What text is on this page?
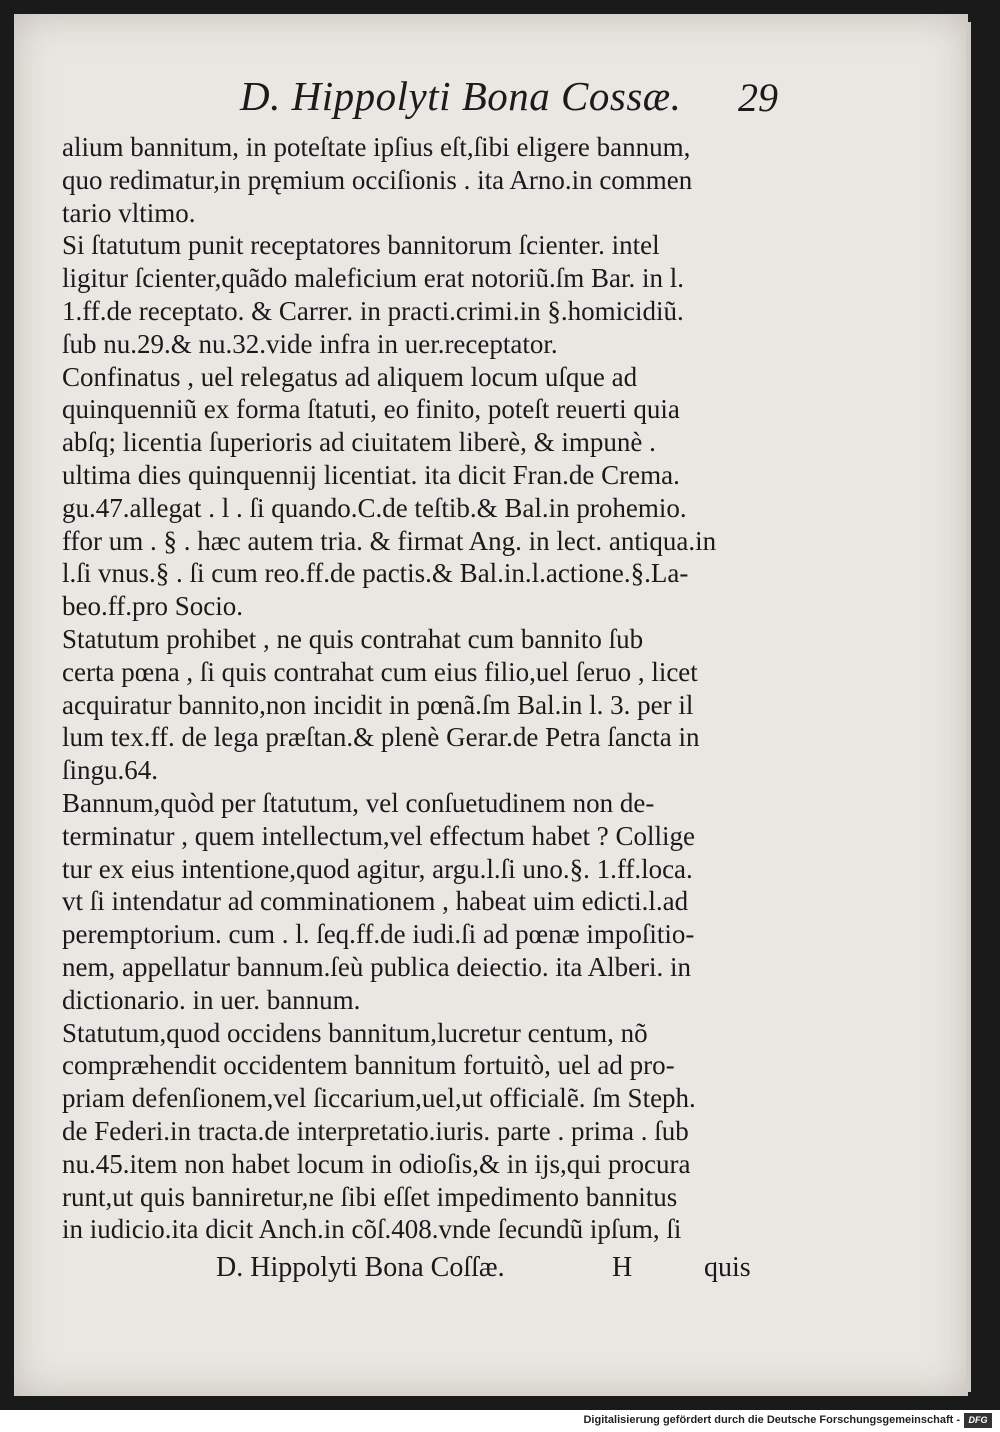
D. Hippolyti Bona Cossæ. 29
alium bannitum, in poteſtate ipſius eſt,ſibi eligere bannum,
quo redimatur,in pręmium occiſionis . ita Arno.in commen
tario vltimo.
Si ſtatutum punit receptatores bannitorum ſcienter. intel
ligitur ſcienter,quãdo maleficium erat notoriũ.ſm Bar. in l.
1.ff.de receptato. & Carrer. in practi.crimi.in §.homicidiũ.
ſub nu.29.& nu.32.vide infra in uer.receptator.
Confinatus , uel relegatus ad aliquem locum uſque ad
quinquenniũ ex forma ſtatuti, eo finito, poteſt reuerti quia
abſq; licentia ſuperioris ad ciuitatem liberè, & impunè .
ultima dies quinquennij licentiat. ita dicit Fran.de Crema.
gu.47.allegat . l . ſi quando.C.de teſtib.& Bal.in prohemio.
ffor um . § . hæc autem tria. & firmat Ang. in lect. antiqua.in
l.ſi vnus.§ . ſi cum reo.ff.de pactis.& Bal.in.l.actione.§.La-
beo.ff.pro Socio.
Statutum prohibet , ne quis contrahat cum bannito ſub
certa pœna , ſi quis contrahat cum eius filio,uel ſeruo , licet
acquiratur bannito,non incidit in pœnã.ſm Bal.in l. 3. per il
lum tex.ff. de lega præſtan.& plenè Gerar.de Petra ſancta in
ſingu.64.
Bannum,quòd per ſtatutum, vel conſuetudinem non de-
terminatur , quem intellectum,vel effectum habet ? Collige
tur ex eius intentione,quod agitur, argu.l.ſi uno.§. 1.ff.loca.
vt ſi intendatur ad comminationem , habeat uim edicti.l.ad
peremptorium. cum . l. ſeq.ff.de iudi.ſi ad pœnæ impoſitio-
nem, appellatur bannum.ſeù publica deiectio. ita Alberi. in
dictionario. in uer. bannum.
Statutum,quod occidens bannitum,lucretur centum, nõ
compræhendit occidentem bannitum fortuitò, uel ad pro-
priam defenſionem,vel ſiccarium,uel,ut officialẽ. ſm Steph.
de Federi.in tracta.de interpretatio.iuris. parte . prima . ſub
nu.45.item non habet locum in odioſis,& in ijs,qui procura
runt,ut quis banniretur,ne ſibi eſſet impedimento bannitus
in iudicio.ita dicit Anch.in cõſ.408.vnde ſecundũ ipſum, ſi
D. Hippolyti Bona Coſſæ.	H	quis
Digitalisierung gefördert durch die Deutsche Forschungsgemeinschaft - DFG
